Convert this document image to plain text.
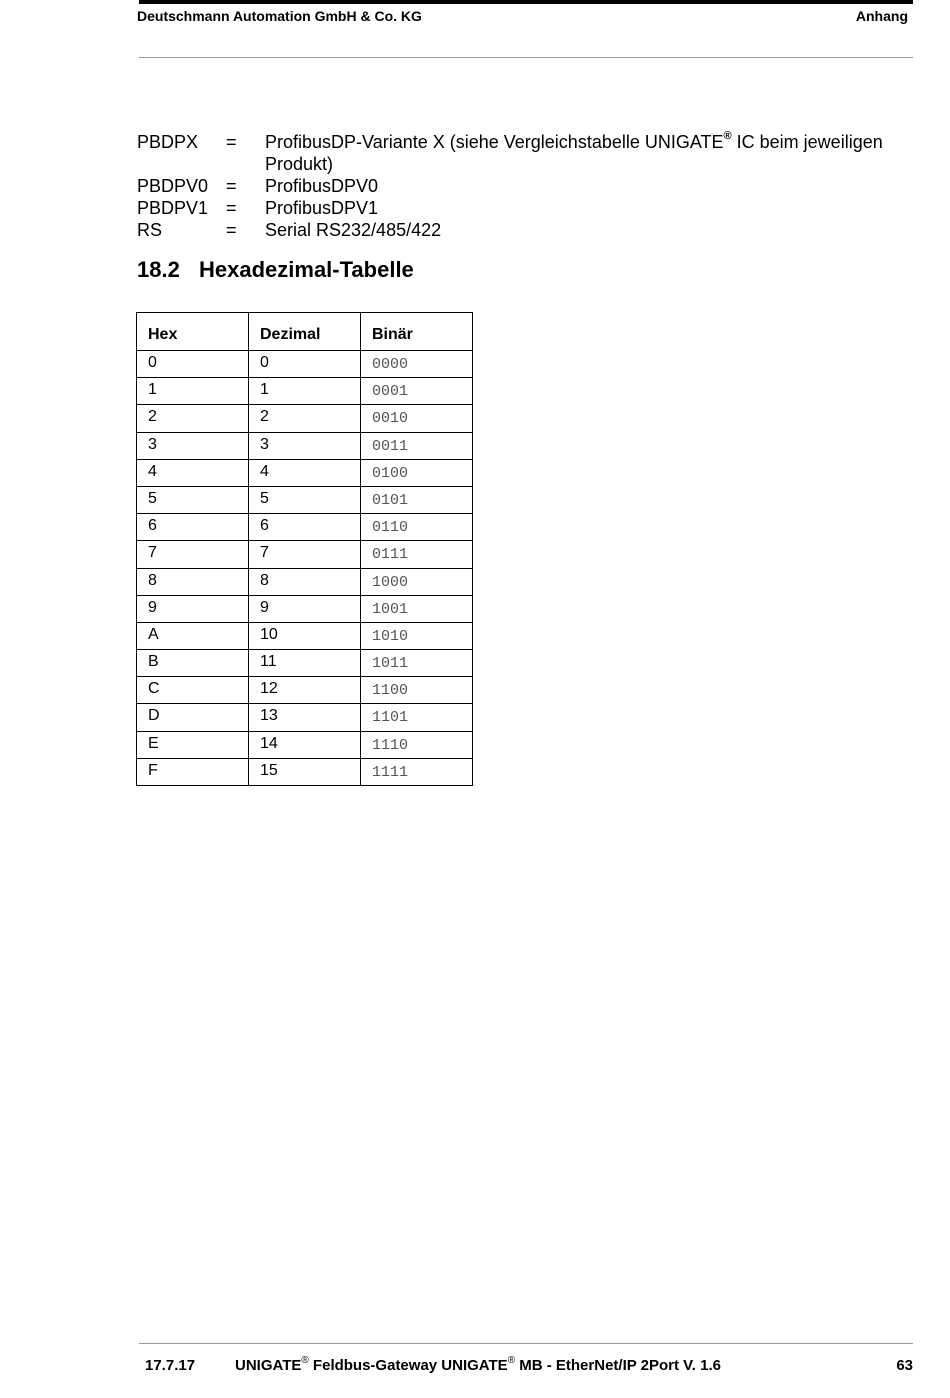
Deutschmann Automation GmbH & Co. KG	Anhang
PBDPX = ProfibusDP-Variante X (siehe Vergleichstabelle UNIGATE® IC beim jeweiligen Produkt)
PBDPV0 = ProfibusDPV0
PBDPV1 = ProfibusDPV1
RS	= Serial RS232/485/422
18.2 Hexadezimal-Tabelle
Hex	Dezimal	Binär
0	0	0000
1	1	0001
2	2	0010
3	3	0011
4	4	0100
5	5	0101
6	6	0110
7	7	0111
8	8	1000
9	9	1001
A	10	1010
B	11	1011
C	12	1100
D	13	1101
E	14	1110
F	15	1111
17.7.17	UNIGATE® Feldbus-Gateway UNIGATE® MB - EtherNet/IP 2Port V. 1.6	63
